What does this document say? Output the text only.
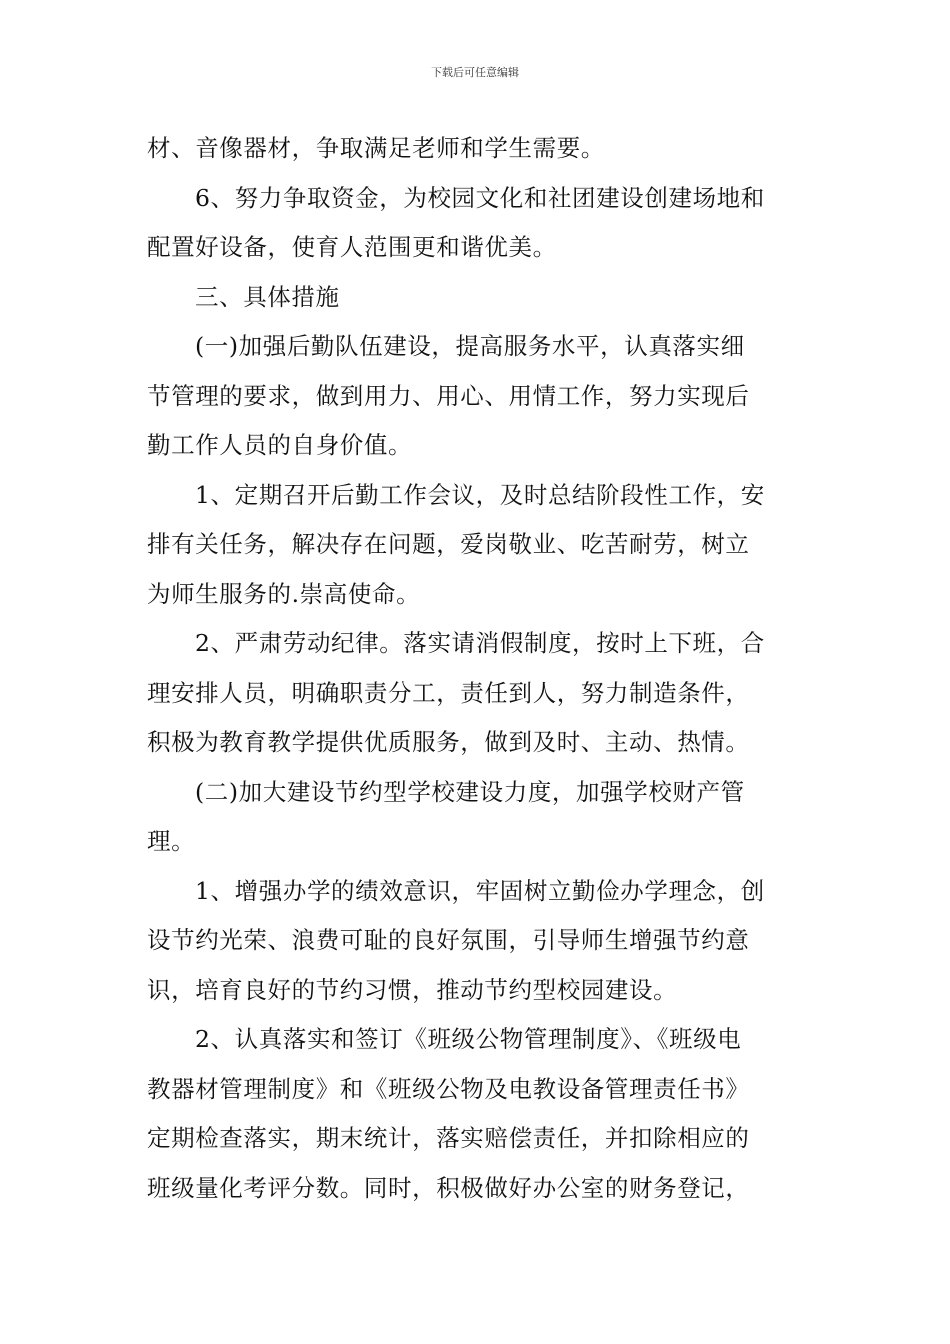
下载后可任意编辑
材、音像器材，争取满足老师和学生需要。
6、努力争取资金，为校园文化和社团建设创建场地和
配置好设备，使育人范围更和谐优美。
三、具体措施
(一)加强后勤队伍建设，提高服务水平，认真落实细
节管理的要求，做到用力、用心、用情工作，努力实现后
勤工作人员的自身价值。
1、定期召开后勤工作会议，及时总结阶段性工作，安
排有关任务，解决存在问题，爱岗敬业、吃苦耐劳，树立
为师生服务的.崇高使命。
2、严肃劳动纪律。落实请消假制度，按时上下班，合
理安排人员，明确职责分工，责任到人，努力制造条件，
积极为教育教学提供优质服务，做到及时、主动、热情。
(二)加大建设节约型学校建设力度，加强学校财产管
理。
1、增强办学的绩效意识，牢固树立勤俭办学理念，创
设节约光荣、浪费可耻的良好氛围，引导师生增强节约意
识，培育良好的节约习惯，推动节约型校园建设。
2、认真落实和签订《班级公物管理制度》、《班级电
教器材管理制度》和《班级公物及电教设备管理责任书》
定期检查落实，期末统计，落实赔偿责任，并扣除相应的
班级量化考评分数。同时，积极做好办公室的财务登记，
